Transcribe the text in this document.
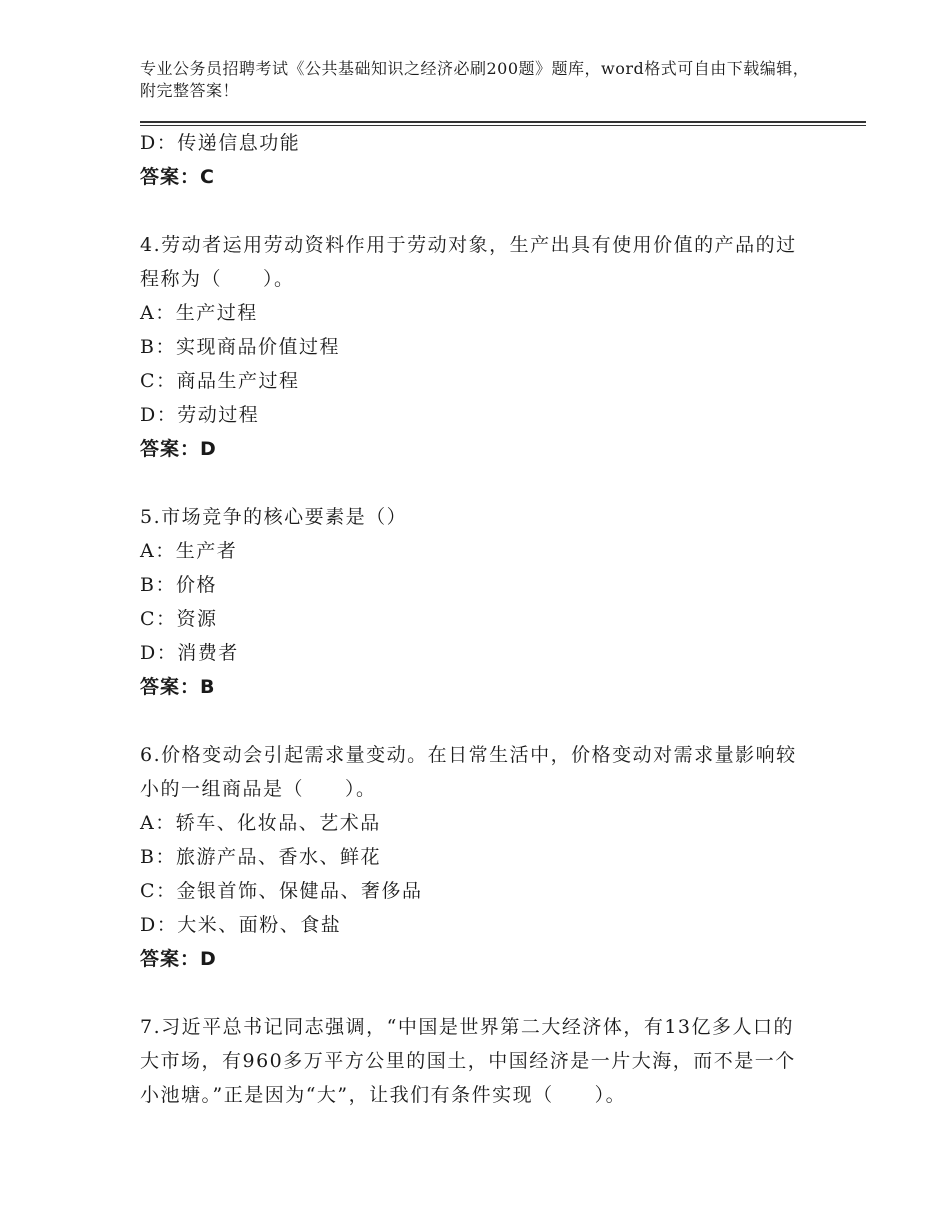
专业公务员招聘考试《公共基础知识之经济必刷200题》题库，word格式可自由下载编辑，附完整答案！
D：传递信息功能
答案：C
4.劳动者运用劳动资料作用于劳动对象，生产出具有使用价值的产品的过程称为（　　）。
A：生产过程
B：实现商品价值过程
C：商品生产过程
D：劳动过程
答案：D
5.市场竞争的核心要素是（）
A：生产者
B：价格
C：资源
D：消费者
答案：B
6.价格变动会引起需求量变动。在日常生活中，价格变动对需求量影响较小的一组商品是（　　）。
A：轿车、化妆品、艺术品
B：旅游产品、香水、鲜花
C：金银首饰、保健品、奢侈品
D：大米、面粉、食盐
答案：D
7.习近平总书记同志强调，“中国是世界第二大经济体，有13亿多人口的大市场，有960多万平方公里的国土，中国经济是一片大海，而不是一个小池塘。”正是因为“大”，让我们有条件实现（　　）。
